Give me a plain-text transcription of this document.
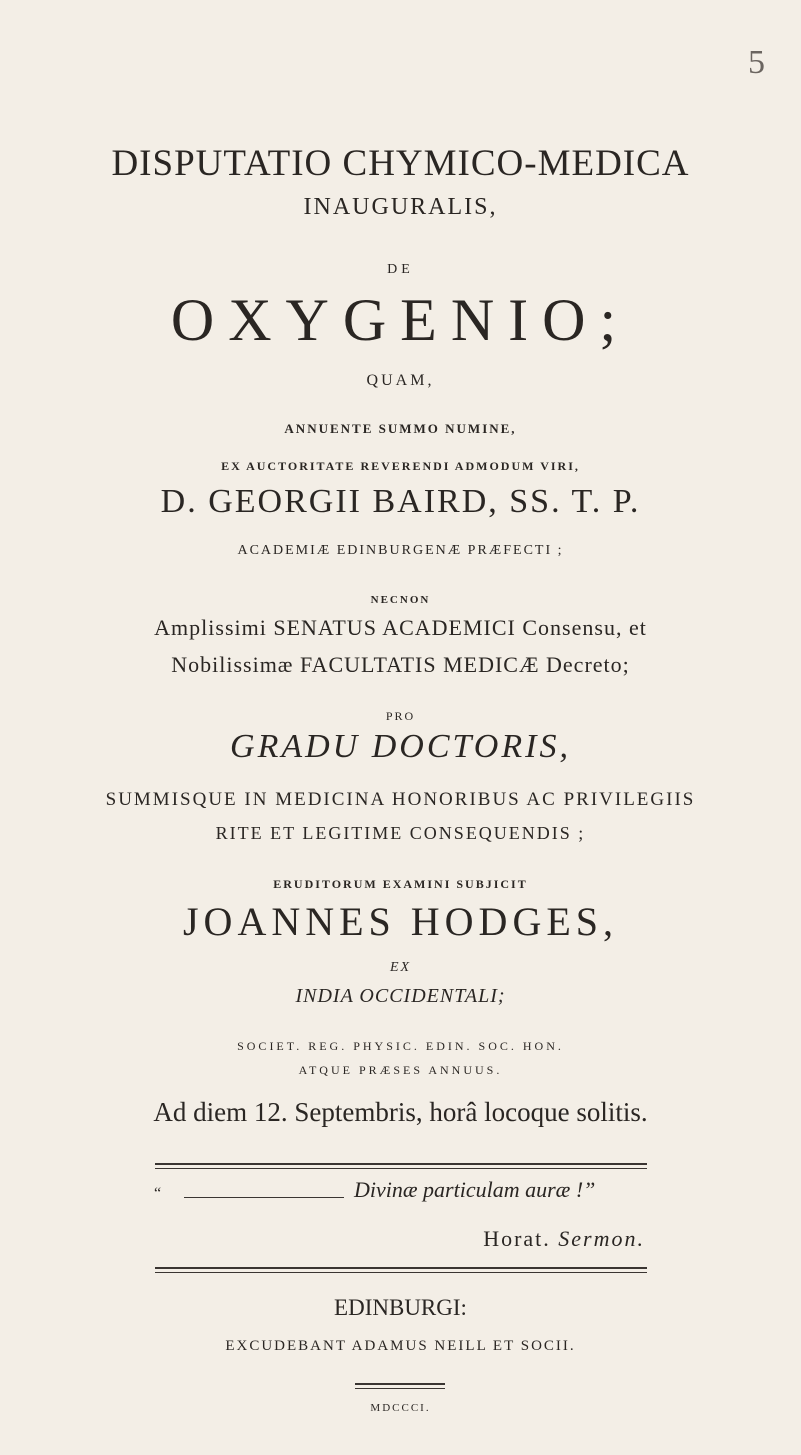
5
DISPUTATIO CHYMICO-MEDICA
INAUGURALIS,
DE
OXYGENIO;
QUAM,
ANNUENTE SUMMO NUMINE,
EX AUCTORITATE REVERENDI ADMODUM VIRI,
D. GEORGII BAIRD, SS. T. P.
ACADEMIÆ EDINBURGENÆ PRÆFECTI ;
NECNON
Amplissimi SENATUS ACADEMICI Consensu, et
Nobilissimæ FACULTATIS MEDICÆ Decreto;
PRO
GRADU DOCTORIS,
SUMMISQUE IN MEDICINA HONORIBUS AC PRIVILEGIIS
RITE ET LEGITIME CONSEQUENDIS ;
ERUDITORUM EXAMINI SUBJICIT
JOANNES HODGES,
EX
INDIA OCCIDENTALI;
SOCIET. REG. PHYSIC. EDIN. SOC. HON.
ATQUE PRÆSES ANNUUS.
Ad diem 12. Septembris, horâ locoque solitis.
“	Divinæ particulam auræ !”
Horat. Sermon.
EDINBURGI:
EXCUDEBANT ADAMUS NEILL ET SOCII.
MDCCCI.
